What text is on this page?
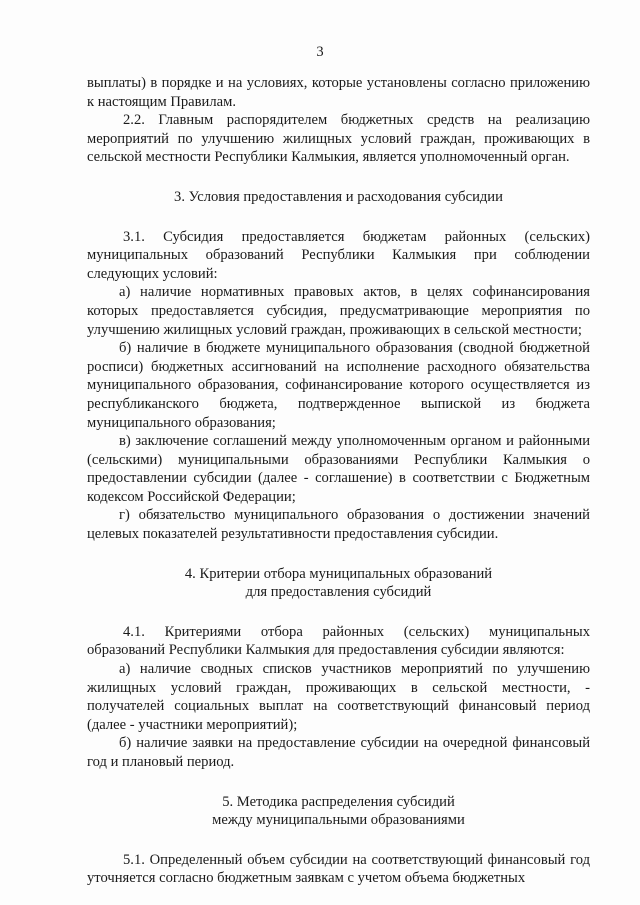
3

выплаты) в порядке и на условиях, которые установлены согласно приложению к настоящим Правилам.

2.2. Главным распорядителем бюджетных средств на реализацию мероприятий по улучшению жилищных условий граждан, проживающих в сельской местности Республики Калмыкия, является уполномоченный орган.

3. Условия предоставления и расходования субсидии

3.1. Субсидия предоставляется бюджетам районных (сельских) муниципальных образований Республики Калмыкия при соблюдении следующих условий:

а) наличие нормативных правовых актов, в целях софинансирования которых предоставляется субсидия, предусматривающие мероприятия по улучшению жилищных условий граждан, проживающих в сельской местности;

б) наличие в бюджете муниципального образования (сводной бюджетной росписи) бюджетных ассигнований на исполнение расходного обязательства муниципального образования, софинансирование которого осуществляется из республиканского бюджета, подтвержденное выпиской из бюджета муниципального образования;

в) заключение соглашений между уполномоченным органом и районными (сельскими) муниципальными образованиями Республики Калмыкия о предоставлении субсидии (далее - соглашение) в соответствии с Бюджетным кодексом Российской Федерации;

г) обязательство муниципального образования о достижении значений целевых показателей результативности предоставления субсидии.

4. Критерии отбора муниципальных образований
для предоставления субсидий

4.1. Критериями отбора районных (сельских) муниципальных образований Республики Калмыкия для предоставления субсидии являются:

а) наличие сводных списков участников мероприятий по улучшению жилищных условий граждан, проживающих в сельской местности, - получателей социальных выплат на соответствующий финансовый период (далее - участники мероприятий);

б) наличие заявки на предоставление субсидии на очередной финансовый год и плановый период.

5. Методика распределения субсидий
между муниципальными образованиями

5.1. Определенный объем субсидии на соответствующий финансовый год уточняется согласно бюджетным заявкам с учетом объема бюджетных
